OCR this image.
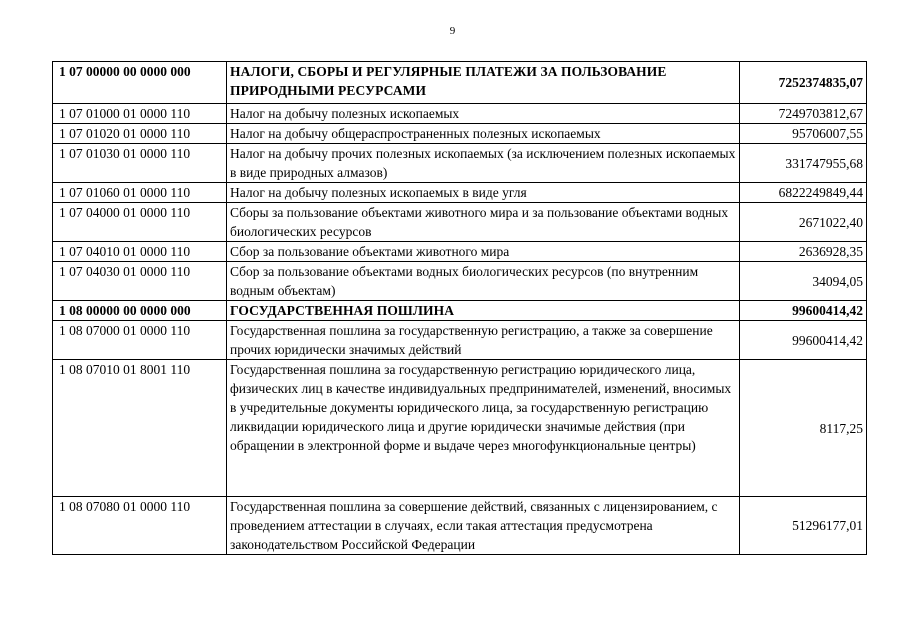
9
1 07 00000 00 0000 000	НАЛОГИ, СБОРЫ И РЕГУЛЯРНЫЕ ПЛАТЕЖИ ЗА ПОЛЬЗОВАНИЕ ПРИРОДНЫМИ РЕСУРСАМИ	7252374835,07
1 07 01000 01 0000 110	Налог на добычу полезных ископаемых	7249703812,67
1 07 01020 01 0000 110	Налог на добычу общераспространенных полезных ископаемых	95706007,55
1 07 01030 01 0000 110	Налог на добычу прочих полезных ископаемых (за исключением полезных ископаемых в виде природных алмазов)	331747955,68
1 07 01060 01 0000 110	Налог на добычу полезных ископаемых в виде угля	6822249849,44
1 07 04000 01 0000 110	Сборы за пользование объектами животного мира и за пользование объектами водных биологических ресурсов	2671022,40
1 07 04010 01 0000 110	Сбор за пользование объектами животного мира	2636928,35
1 07 04030 01 0000 110	Сбор за пользование объектами водных биологических ресурсов (по внутренним водным объектам)	34094,05
1 08 00000 00 0000 000	ГОСУДАРСТВЕННАЯ ПОШЛИНА	99600414,42
1 08 07000 01 0000 110	Государственная пошлина за государственную регистрацию, а также за совершение прочих юридически значимых действий	99600414,42
1 08 07010 01 8001 110	Государственная пошлина за государственную регистрацию юридического лица, физических лиц в качестве индивидуальных предпринимателей, изменений, вносимых в учредительные документы юридического лица, за государственную регистрацию ликвидации юридического лица и другие юридически значимые действия (при обращении в электронной форме и выдаче через многофункциональные центры)	8117,25
1 08 07080 01 0000 110	Государственная пошлина за совершение действий, связанных с лицензированием, с проведением аттестации в случаях, если такая аттестация предусмотрена законодательством Российской Федерации	51296177,01
